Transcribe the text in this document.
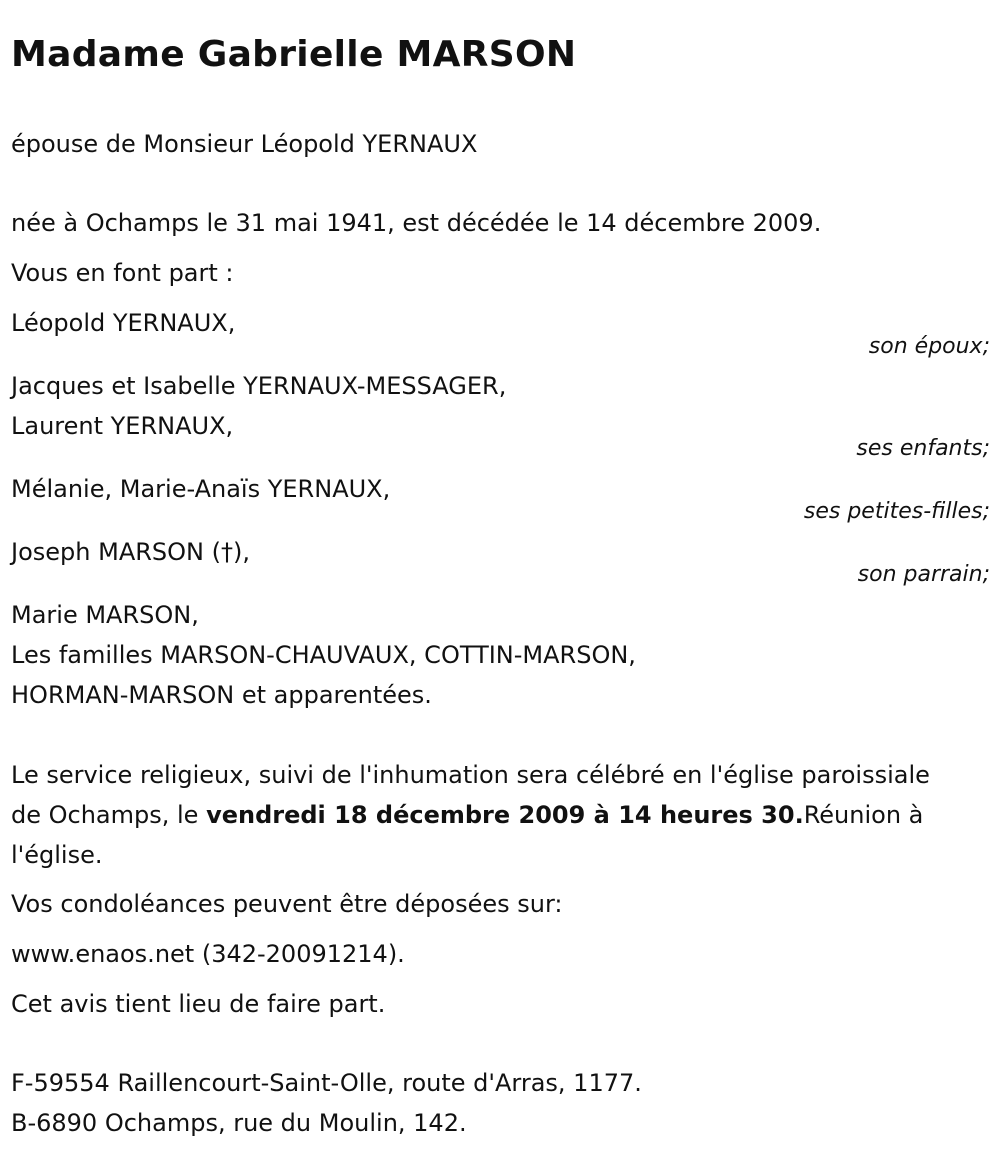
Madame Gabrielle MARSON

épouse de Monsieur Léopold YERNAUX

née à Ochamps le 31 mai 1941, est décédée le 14 décembre 2009.

Vous en font part :

Léopold YERNAUX,

son époux;

Jacques et Isabelle YERNAUX-MESSAGER,

Laurent YERNAUX,

ses enfants;

Mélanie, Marie-Anaïs YERNAUX,

ses petites-filles;

Joseph MARSON (†),

son parrain;

Marie MARSON,

Les familles MARSON-CHAUVAUX, COTTIN-MARSON,

HORMAN-MARSON et apparentées.

Le service religieux, suivi de l'inhumation sera célébré en l'église paroissiale de Ochamps, le vendredi 18 décembre 2009 à 14 heures 30.Réunion à l'église.

Vos condoléances peuvent être déposées sur:

www.enaos.net (342-20091214).

Cet avis tient lieu de faire part.

F-59554 Raillencourt-Saint-Olle, route d'Arras, 1177.

B-6890 Ochamps, rue du Moulin, 142.
